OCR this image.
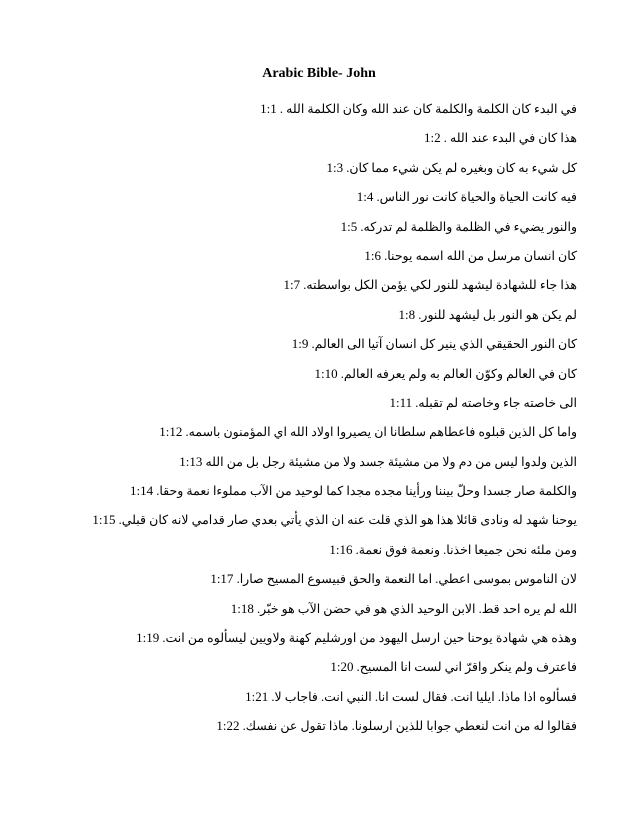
Arabic Bible- John
في البدء كان الكلمة والكلمة كان عند الله وكان الكلمة الله . 1:1
هذا كان في البدء عند الله . 1:2
كل شيء به كان وبغيره لم يكن شيء مما كان. 1:3
فيه كانت الحياة والحياة كانت نور الناس. 1:4
والنور يضيء في الظلمة والظلمة لم تدركه. 1:5
كان انسان مرسل من الله اسمه يوحنا. 1:6
هذا جاء للشهادة ليشهد للنور لكي يؤمن الكل بواسطته. 1:7
لم يكن هو النور بل ليشهد للنور. 1:8
كان النور الحقيقي الذي ينير كل انسان آتيا الى العالم. 1:9
كان في العالم وكوّن العالم به ولم يعرفه العالم. 1:10
الى خاصته جاء وخاصته لم تقبله. 1:11
واما كل الذين قبلوه فاعطاهم سلطانا ان يصيروا اولاد الله اي المؤمنون باسمه. 1:12
الذين ولدوا ليس من دم ولا من مشيئة جسد ولا من مشيئة رجل بل من الله 1:13
والكلمة صار جسدا وحلّ بيننا ورأينا مجده مجدا كما لوحيد من الآب مملوءا نعمة وحقا. 1:14
يوحنا شهد له ونادى قائلا هذا هو الذي قلت عنه ان الذي يأتي بعدي صار قدامي لانه كان قبلي. 1:15
ومن ملئه نحن جميعا اخذنا. ونعمة فوق نعمة. 1:16
لان الناموس بموسى اعطي. اما النعمة والحق فبيسوع المسيح صارا. 1:17
الله لم يره احد قط. الابن الوحيد الذي هو في حضن الآب هو خبّر. 1:18
وهذه هي شهادة يوحنا حين ارسل اليهود من اورشليم كهنة ولاويين ليسألوه من انت. 1:19
فاعترف ولم ينكر واقرّ اني لست انا المسيح. 1:20
فسألوه اذا ماذا. ايليا انت. فقال لست انا. النبي انت. فاجاب لا. 1:21
فقالوا له من انت لنعطي جوابا للذين ارسلونا. ماذا تقول عن نفسك. 1:22
